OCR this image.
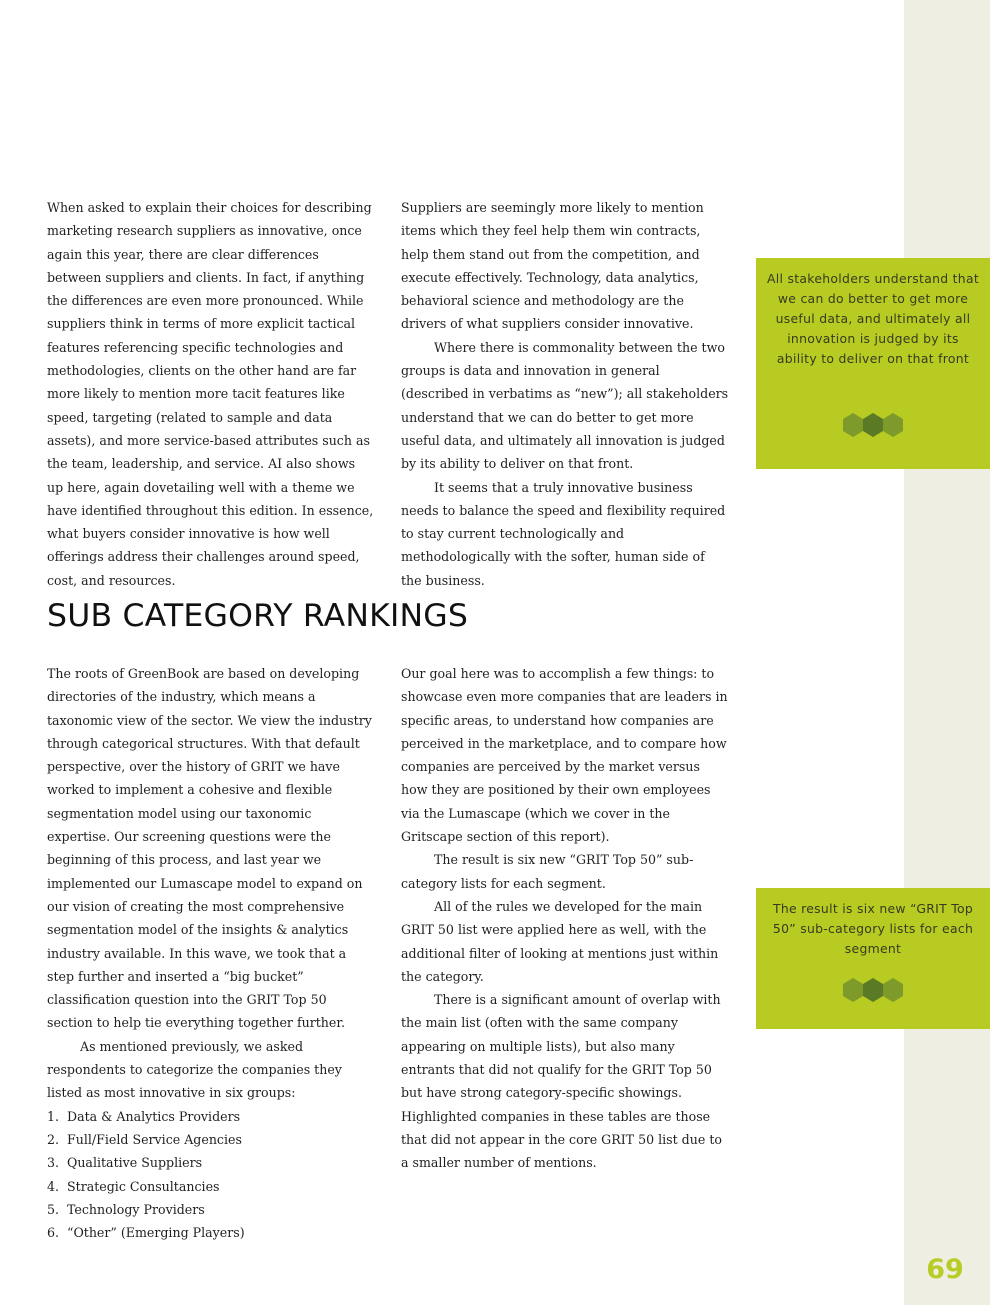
When asked to explain their choices for describing marketing research suppliers as innovative, once again this year, there are clear differences between suppliers and clients. In fact, if anything the differences are even more pronounced. While suppliers think in terms of more explicit tactical features referencing specific technologies and methodologies, clients on the other hand are far more likely to mention more tacit features like speed, targeting (related to sample and data assets), and more service-based attributes such as the team, leadership, and service. AI also shows up here, again dovetailing well with a theme we have identified throughout this edition. In essence, what buyers consider innovative is how well offerings address their challenges around speed, cost, and resources.

Suppliers are seemingly more likely to mention items which they feel help them win contracts, help them stand out from the competition, and execute effectively. Technology, data analytics, behavioral science and methodology are the drivers of what suppliers consider innovative.

Where there is commonality between the two groups is data and innovation in general (described in verbatims as “new”); all stakeholders understand that we can do better to get more useful data, and ultimately all innovation is judged by its ability to deliver on that front.

It seems that a truly innovative business needs to balance the speed and flexibility required to stay current technologically and methodologically with the softer, human side of the business.

SUB CATEGORY RANKINGS

The roots of GreenBook are based on developing directories of the industry, which means a taxonomic view of the sector. We view the industry through categorical structures. With that default perspective, over the history of GRIT we have worked to implement a cohesive and flexible segmentation model using our taxonomic expertise. Our screening questions were the beginning of this process, and last year we implemented our Lumascape model to expand on our vision of creating the most comprehensive segmentation model of the insights & analytics industry available. In this wave, we took that a step further and inserted a “big bucket” classification question into the GRIT Top 50 section to help tie everything together further.

As mentioned previously, we asked respondents to categorize the companies they listed as most innovative in six groups:

1. Data & Analytics Providers
2. Full/Field Service Agencies
3. Qualitative Suppliers
4. Strategic Consultancies
5. Technology Providers
6. “Other” (Emerging Players)

Our goal here was to accomplish a few things: to showcase even more companies that are leaders in specific areas, to understand how companies are perceived in the marketplace, and to compare how companies are perceived by the market versus how they are positioned by their own employees via the Lumascape (which we cover in the Gritscape section of this report).

The result is six new “GRIT Top 50” sub-category lists for each segment.

All of the rules we developed for the main GRIT 50 list were applied here as well, with the additional filter of looking at mentions just within the category.

There is a significant amount of overlap with the main list (often with the same company appearing on multiple lists), but also many entrants that did not qualify for the GRIT Top 50 but have strong category-specific showings. Highlighted companies in these tables are those that did not appear in the core GRIT 50 list due to a smaller number of mentions.

All stakeholders understand that we can do better to get more useful data, and ultimately all innovation is judged by its ability to deliver on that front

The result is six new “GRIT Top 50” sub-category lists for each segment

69
